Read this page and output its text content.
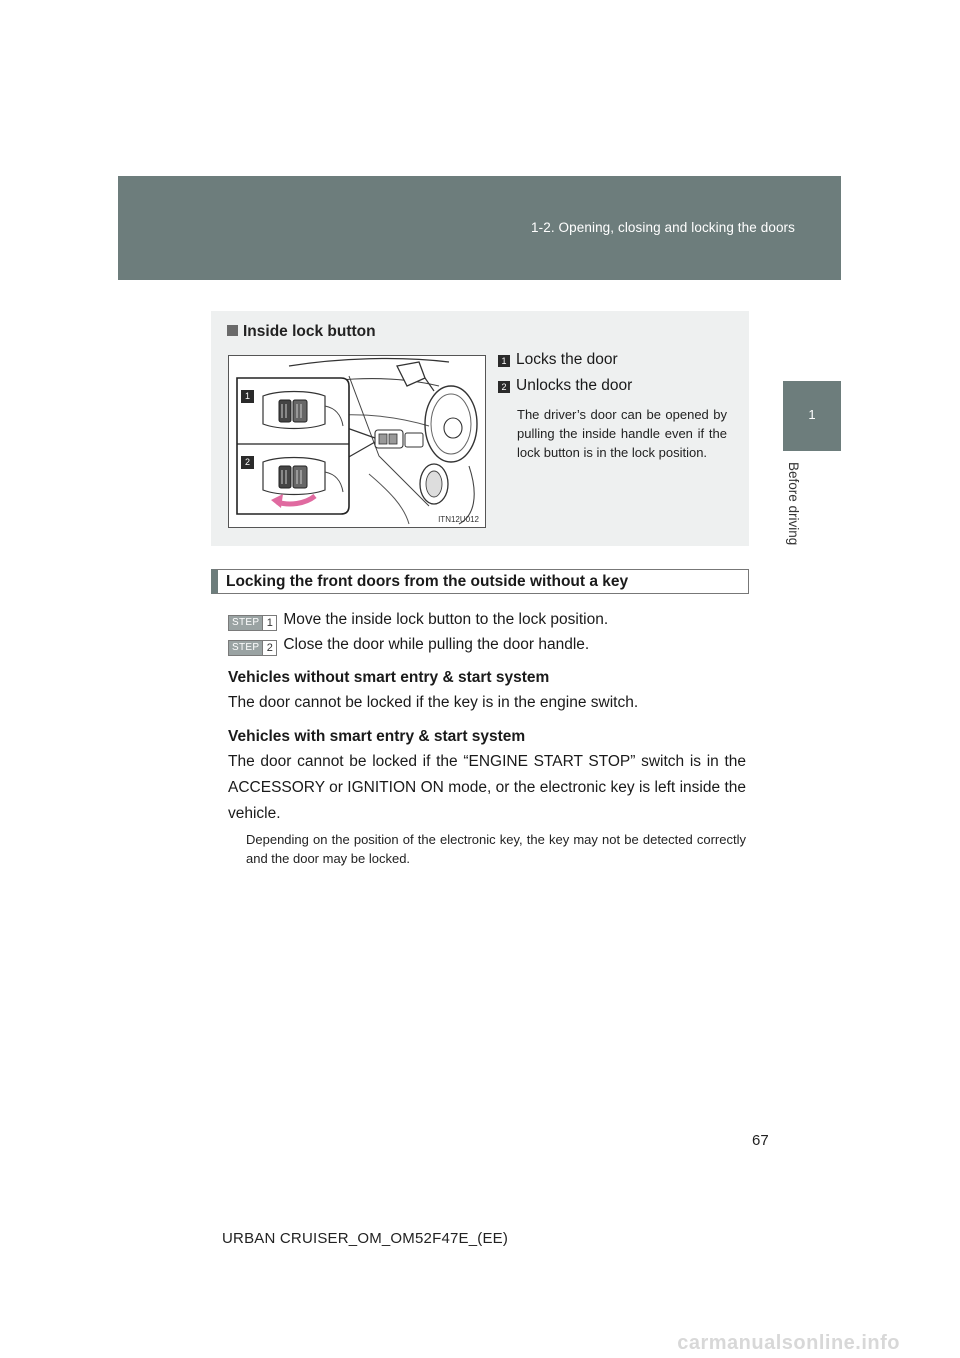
1-2. Opening, closing and locking the doors
1
Before driving
Inside lock button
1
2
ITN12U012
1 Locks the door
2 Unlocks the door
The driver’s door can be opened by pulling the inside handle even if the lock button is in the lock position.
Locking the front doors from the outside without a key
STEP 1 Move the inside lock button to the lock position.
STEP 2 Close the door while pulling the door handle.
Vehicles without smart entry & start system
The door cannot be locked if the key is in the engine switch.
Vehicles with smart entry & start system
The door cannot be locked if the “ENGINE START STOP” switch is in the ACCESSORY or IGNITION ON mode, or the electronic key is left inside the vehicle.
Depending on the position of the electronic key, the key may not be detected correctly and the door may be locked.
67
URBAN CRUISER_OM_OM52F47E_(EE)
carmanualsonline.info
